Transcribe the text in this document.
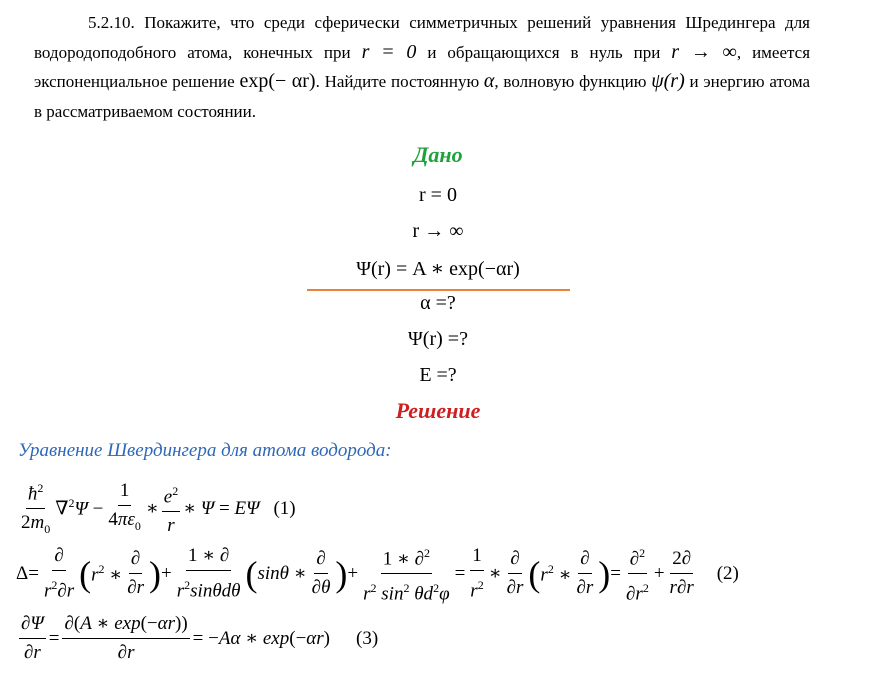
5.2.10. Покажите, что среди сферически симметричных решений уравнения Шредингера для водородоподобного атома, конечных при r = 0 и обращающихся в нуль при r → ∞, имеется экспоненциальное решение exp(− αr). Найдите постоянную α, волновую функцию ψ(r) и энергию атома в рассматриваемом состоянии.
Дано
r = 0
r → ∞
Ψ(r) = A ∗ exp(−αr)
α =?
Ψ(r) =?
E =?
Решение
Уравнение Швердингера для атома водорода:
$\frac{ħ^2}{2m_0} \nabla^2\Psi - \frac{1}{4\pi\varepsilon_0}$ ∗ $\frac{e^2}{r}$ ∗ Ψ = EΨ (1)
$\Delta= \frac{\partial}{r^2\partial r}$ ( $r^2$ ∗ $\frac{\partial}{\partial r}$ ) + $\frac{1 ∗ \partial}{r^2\sin\theta d\theta}$ ( sinθ ∗ $\frac{\partial}{\partial\theta}$ ) + $\frac{1 ∗ \partial^2}{r^2 \sin^2 \theta d^2\varphi} = \frac{1}{r^2}$ ∗ $\frac{\partial}{\partial r}$ ( $r^2$ ∗ $\frac{\partial}{\partial r}$ ) = $\frac{\partial^2}{\partial r^2} + \frac{2\partial}{r\partial r} (2)$
$\frac{\partial\Psi}{\partial r} = \frac{\partial(A ∗ \exp(-\alpha r))}{\partial r} = -A\alpha$ ∗ exp(−αr) (3)
